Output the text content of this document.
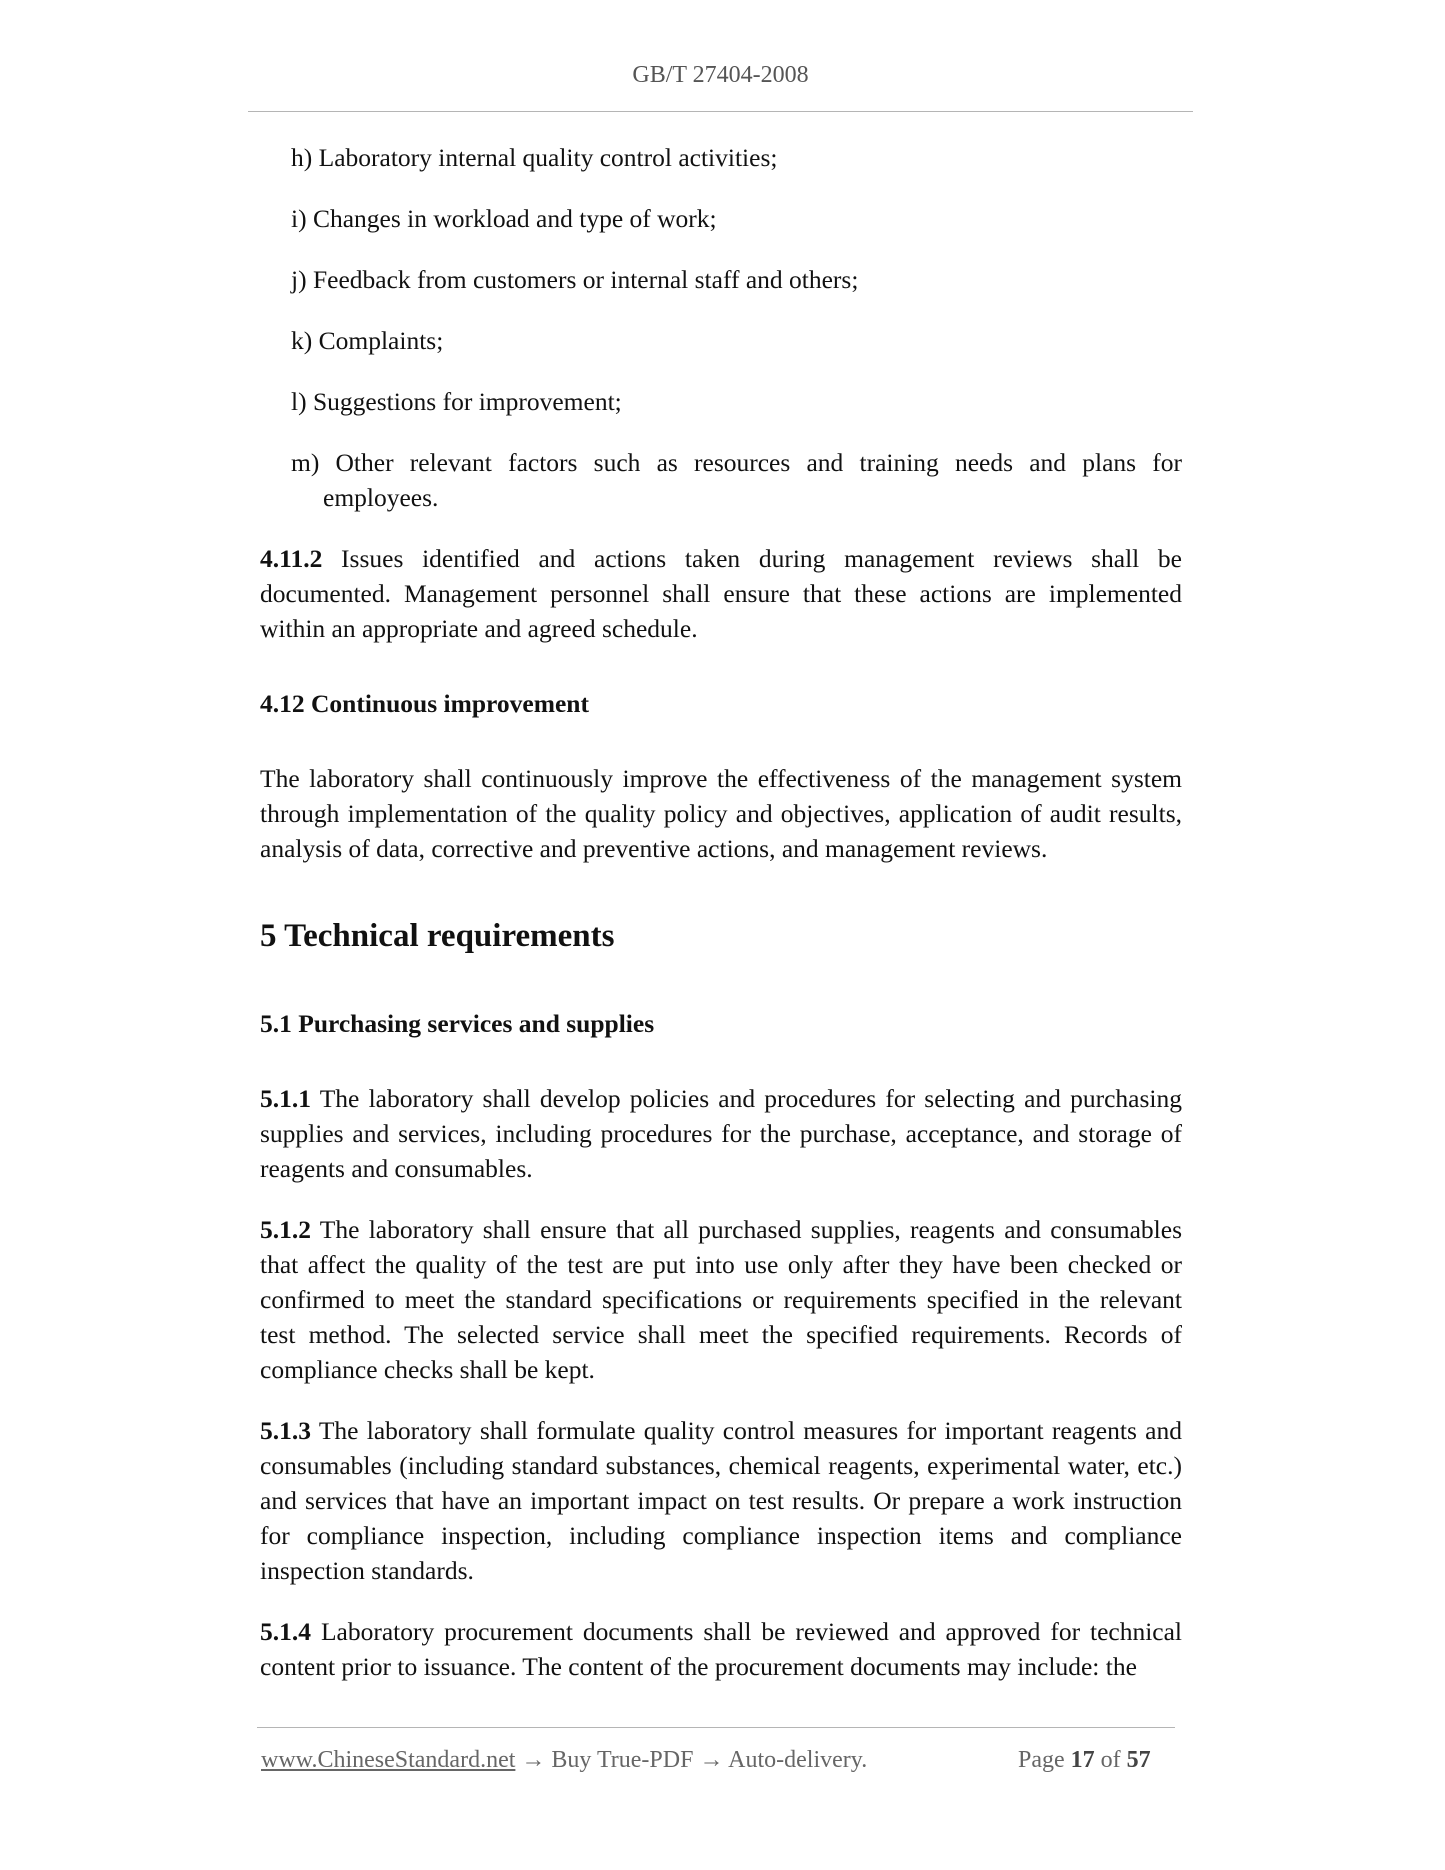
GB/T 27404-2008

h) Laboratory internal quality control activities;

i) Changes in workload and type of work;

j) Feedback from customers or internal staff and others;

k) Complaints;

l) Suggestions for improvement;

m) Other relevant factors such as resources and training needs and plans for employees.

4.11.2 Issues identified and actions taken during management reviews shall be documented. Management personnel shall ensure that these actions are implemented within an appropriate and agreed schedule.

4.12 Continuous improvement

The laboratory shall continuously improve the effectiveness of the management system through implementation of the quality policy and objectives, application of audit results, analysis of data, corrective and preventive actions, and management reviews.

5 Technical requirements

5.1 Purchasing services and supplies

5.1.1 The laboratory shall develop policies and procedures for selecting and purchasing supplies and services, including procedures for the purchase, acceptance, and storage of reagents and consumables.

5.1.2 The laboratory shall ensure that all purchased supplies, reagents and consumables that affect the quality of the test are put into use only after they have been checked or confirmed to meet the standard specifications or requirements specified in the relevant test method. The selected service shall meet the specified requirements. Records of compliance checks shall be kept.

5.1.3 The laboratory shall formulate quality control measures for important reagents and consumables (including standard substances, chemical reagents, experimental water, etc.) and services that have an important impact on test results. Or prepare a work instruction for compliance inspection, including compliance inspection items and compliance inspection standards.

5.1.4 Laboratory procurement documents shall be reviewed and approved for technical content prior to issuance. The content of the procurement documents may include: the

www.ChineseStandard.net → Buy True-PDF → Auto-delivery.	Page 17 of 57
